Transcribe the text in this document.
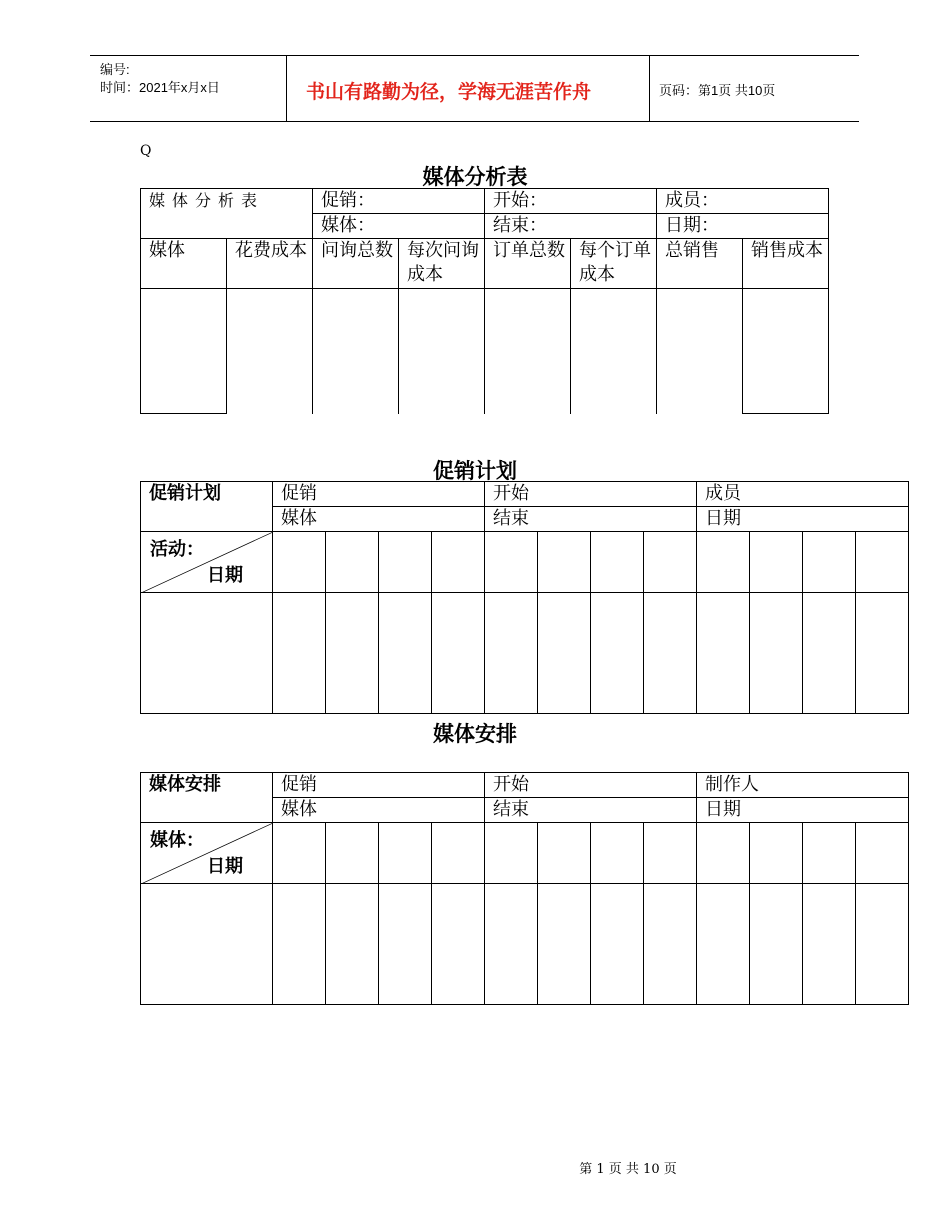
编号:
时间：2021年x月x日	书山有路勤为径，学海无涯苦作舟	页码：第1页 共10页
Q
媒体分析表
媒体分析表		促销：		开始：		成员：	
		媒体：		结束：		日期：	
媒体	花费成本	问询总数	每次问询成本	订单总数	每个订单成本	总销售	销售成本

促销计划
促销计划	促销				开始				成员			
	媒体				结束				日期			

活动：
日期												

媒体安排
媒体安排	促销				开始				制作人			
	媒体				结束				日期			

媒体：
日期												

第 1 页 共 10 页
